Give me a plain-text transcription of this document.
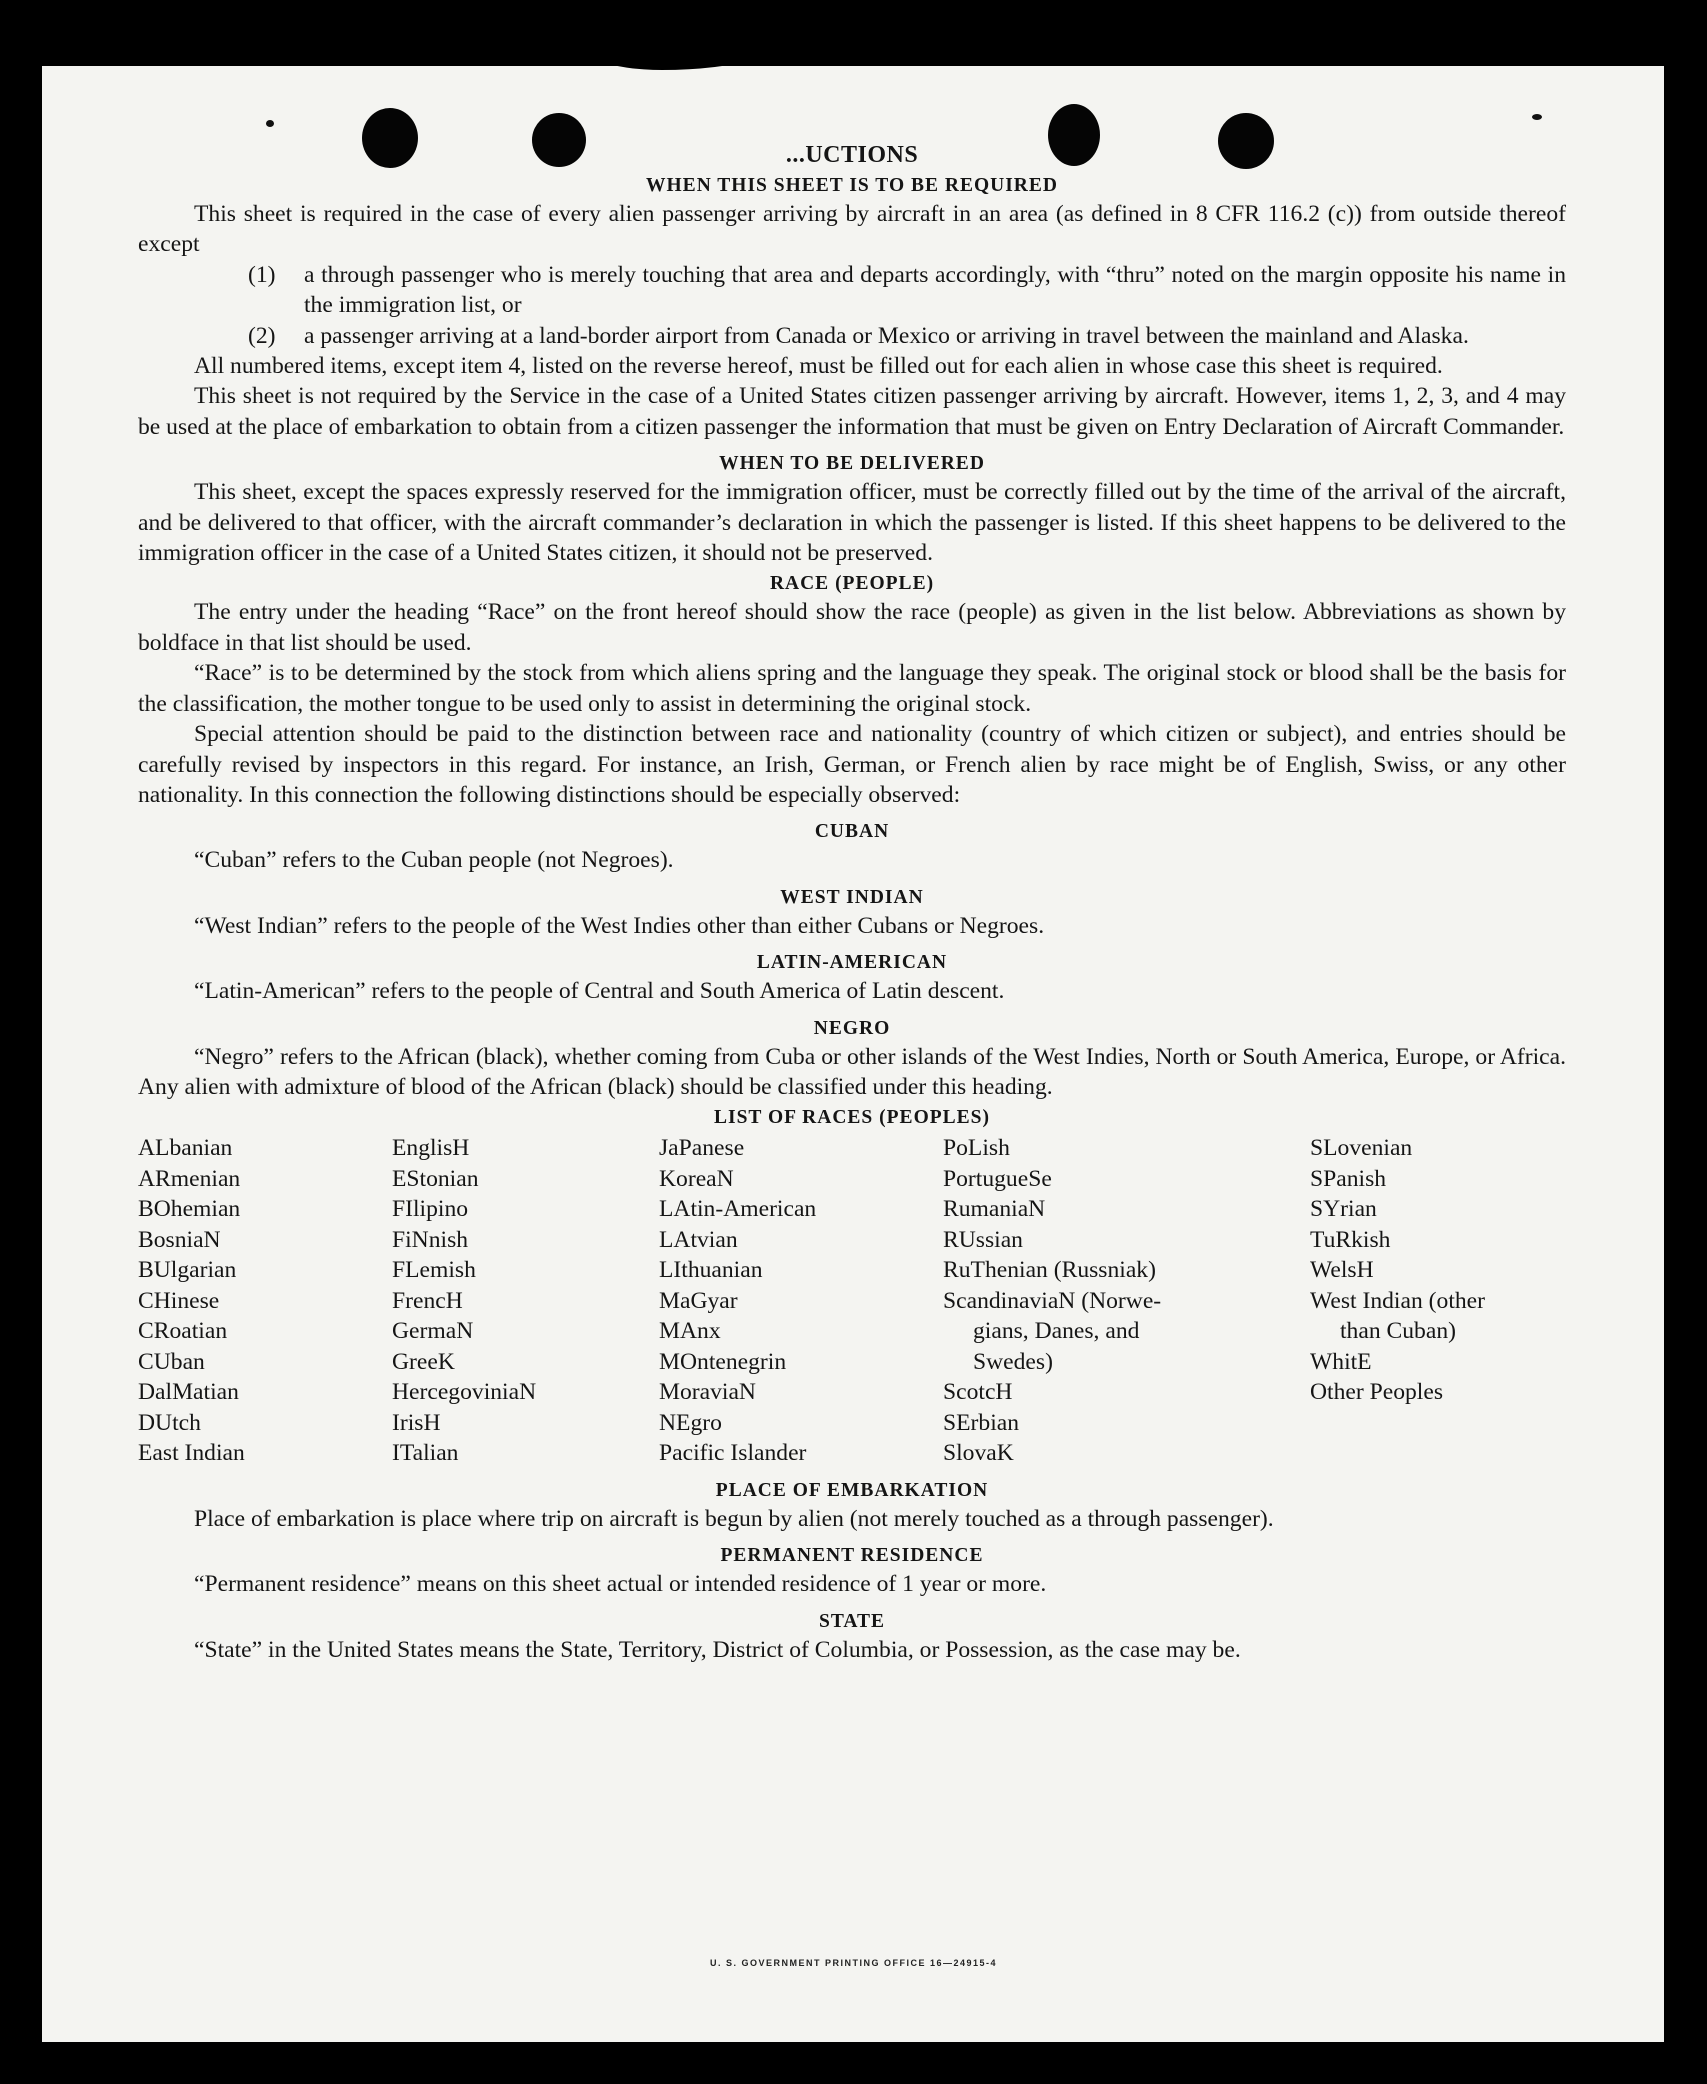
...UCTIONS
WHEN THIS SHEET IS TO BE REQUIRED

This sheet is required in the case of every alien passenger arriving by aircraft in an area (as defined in 8 CFR 116.2 (c)) from outside thereof except

(1)	a through passenger who is merely touching that area and departs accordingly, with “thru” noted on the margin opposite his name in the immigration list, or
(2)	a passenger arriving at a land-border airport from Canada or Mexico or arriving in travel between the mainland and Alaska.

All numbered items, except item 4, listed on the reverse hereof, must be filled out for each alien in whose case this sheet is required.

This sheet is not required by the Service in the case of a United States citizen passenger arriving by aircraft. However, items 1, 2, 3, and 4 may be used at the place of embarkation to obtain from a citizen passenger the information that must be given on Entry Declaration of Aircraft Commander.

WHEN TO BE DELIVERED

This sheet, except the spaces expressly reserved for the immigration officer, must be correctly filled out by the time of the arrival of the aircraft, and be delivered to that officer, with the aircraft commander’s declaration in which the passenger is listed. If this sheet happens to be delivered to the immigration officer in the case of a United States citizen, it should not be preserved.

RACE (PEOPLE)

The entry under the heading “Race” on the front hereof should show the race (people) as given in the list below. Abbreviations as shown by boldface in that list should be used.

“Race” is to be determined by the stock from which aliens spring and the language they speak. The original stock or blood shall be the basis for the classification, the mother tongue to be used only to assist in determining the original stock.

Special attention should be paid to the distinction between race and nationality (country of which citizen or subject), and entries should be carefully revised by inspectors in this regard. For instance, an Irish, German, or French alien by race might be of English, Swiss, or any other nationality. In this connection the following distinctions should be especially observed:

CUBAN

“Cuban” refers to the Cuban people (not Negroes).

WEST INDIAN

“West Indian” refers to the people of the West Indies other than either Cubans or Negroes.

LATIN-AMERICAN

“Latin-American” refers to the people of Central and South America of Latin descent.

NEGRO

“Negro” refers to the African (black), whether coming from Cuba or other islands of the West Indies, North or South America, Europe, or Africa. Any alien with admixture of blood of the African (black) should be classified under this heading.

LIST OF RACES (PEOPLES)
ALbanian
ARmenian
BOhemian
BosniaN
BUlgarian
CHinese
CRoatian
CUban
DalMatian
DUtch
East Indian
EnglisH
EStonian
FIlipino
FiNnish
FLemish
FrencH
GermaN
GreeK
HercegoviniaN
IrisH
ITalian
JaPanese
KoreaN
LAtin-American
LAtvian
LIthuanian
MaGyar
MAnx
MOntenegrin
MoraviaN
NEgro
Pacific Islander
PoLish
PortugueSe
RumaniaN
RUssian
RuThenian (Russniak)
ScandinaviaN (Norwe-
gians, Danes, and
Swedes)
ScotcH
SErbian
SlovaK
SLovenian
SPanish
SYrian
TuRkish
WelsH
West Indian (other
than Cuban)
WhitE
Other Peoples
PLACE OF EMBARKATION

Place of embarkation is place where trip on aircraft is begun by alien (not merely touched as a through passenger).

PERMANENT RESIDENCE

“Permanent residence” means on this sheet actual or intended residence of 1 year or more.

STATE

“State” in the United States means the State, Territory, District of Columbia, or Possession, as the case may be.

U. S. GOVERNMENT PRINTING OFFICE 16—24915-4
